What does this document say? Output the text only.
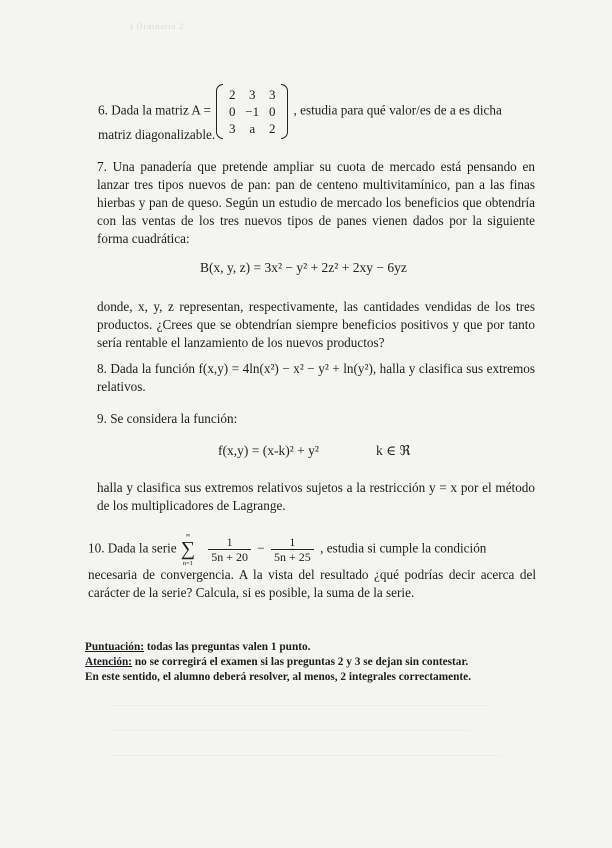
I Ordinaria 2
6. Dada la matriz A =
2	3	3
0 −1 0
3	a	2
, estudia para qué valor/es de a es dicha
matriz diagonalizable.
7. Una panadería que pretende ampliar su cuota de mercado está pensando en lanzar tres tipos nuevos de pan: pan de centeno multivitamínico, pan a las finas hierbas y pan de queso. Según un estudio de mercado los beneficios que obtendría con las ventas de los tres nuevos tipos de panes vienen dados por la siguiente forma cuadrática:
B(x, y, z) = 3x² − y² + 2z² + 2xy − 6yz
donde, x, y, z representan, respectivamente, las cantidades vendidas de los tres productos. ¿Crees que se obtendrían siempre beneficios positivos y que por tanto sería rentable el lanzamiento de los nuevos productos?
8. Dada la función f(x,y) = 4ln(x²) − x² − y² + ln(y²), halla y clasifica sus extremos relativos.
9. Se considera la función:
f(x,y) = (x-k)² + y²	k ∈ ℜ
halla y clasifica sus extremos relativos sujetos a la restricción y = x por el método de los multiplicadores de Lagrange.
10. Dada la serie
∞
∑
n=1
$\frac{1}{5n + 20} - \frac{1}{5n + 25}$ , estudia si cumple la condición
necesaria de convergencia. A la vista del resultado ¿qué podrías decir acerca del carácter de la serie? Calcula, si es posible, la suma de la serie.
Puntuación: todas las preguntas valen 1 punto.
Atención: no se corregirá el examen si las preguntas 2 y 3 se dejan sin contestar.
En este sentido, el alumno deberá resolver, al menos, 2 integrales correctamente.
